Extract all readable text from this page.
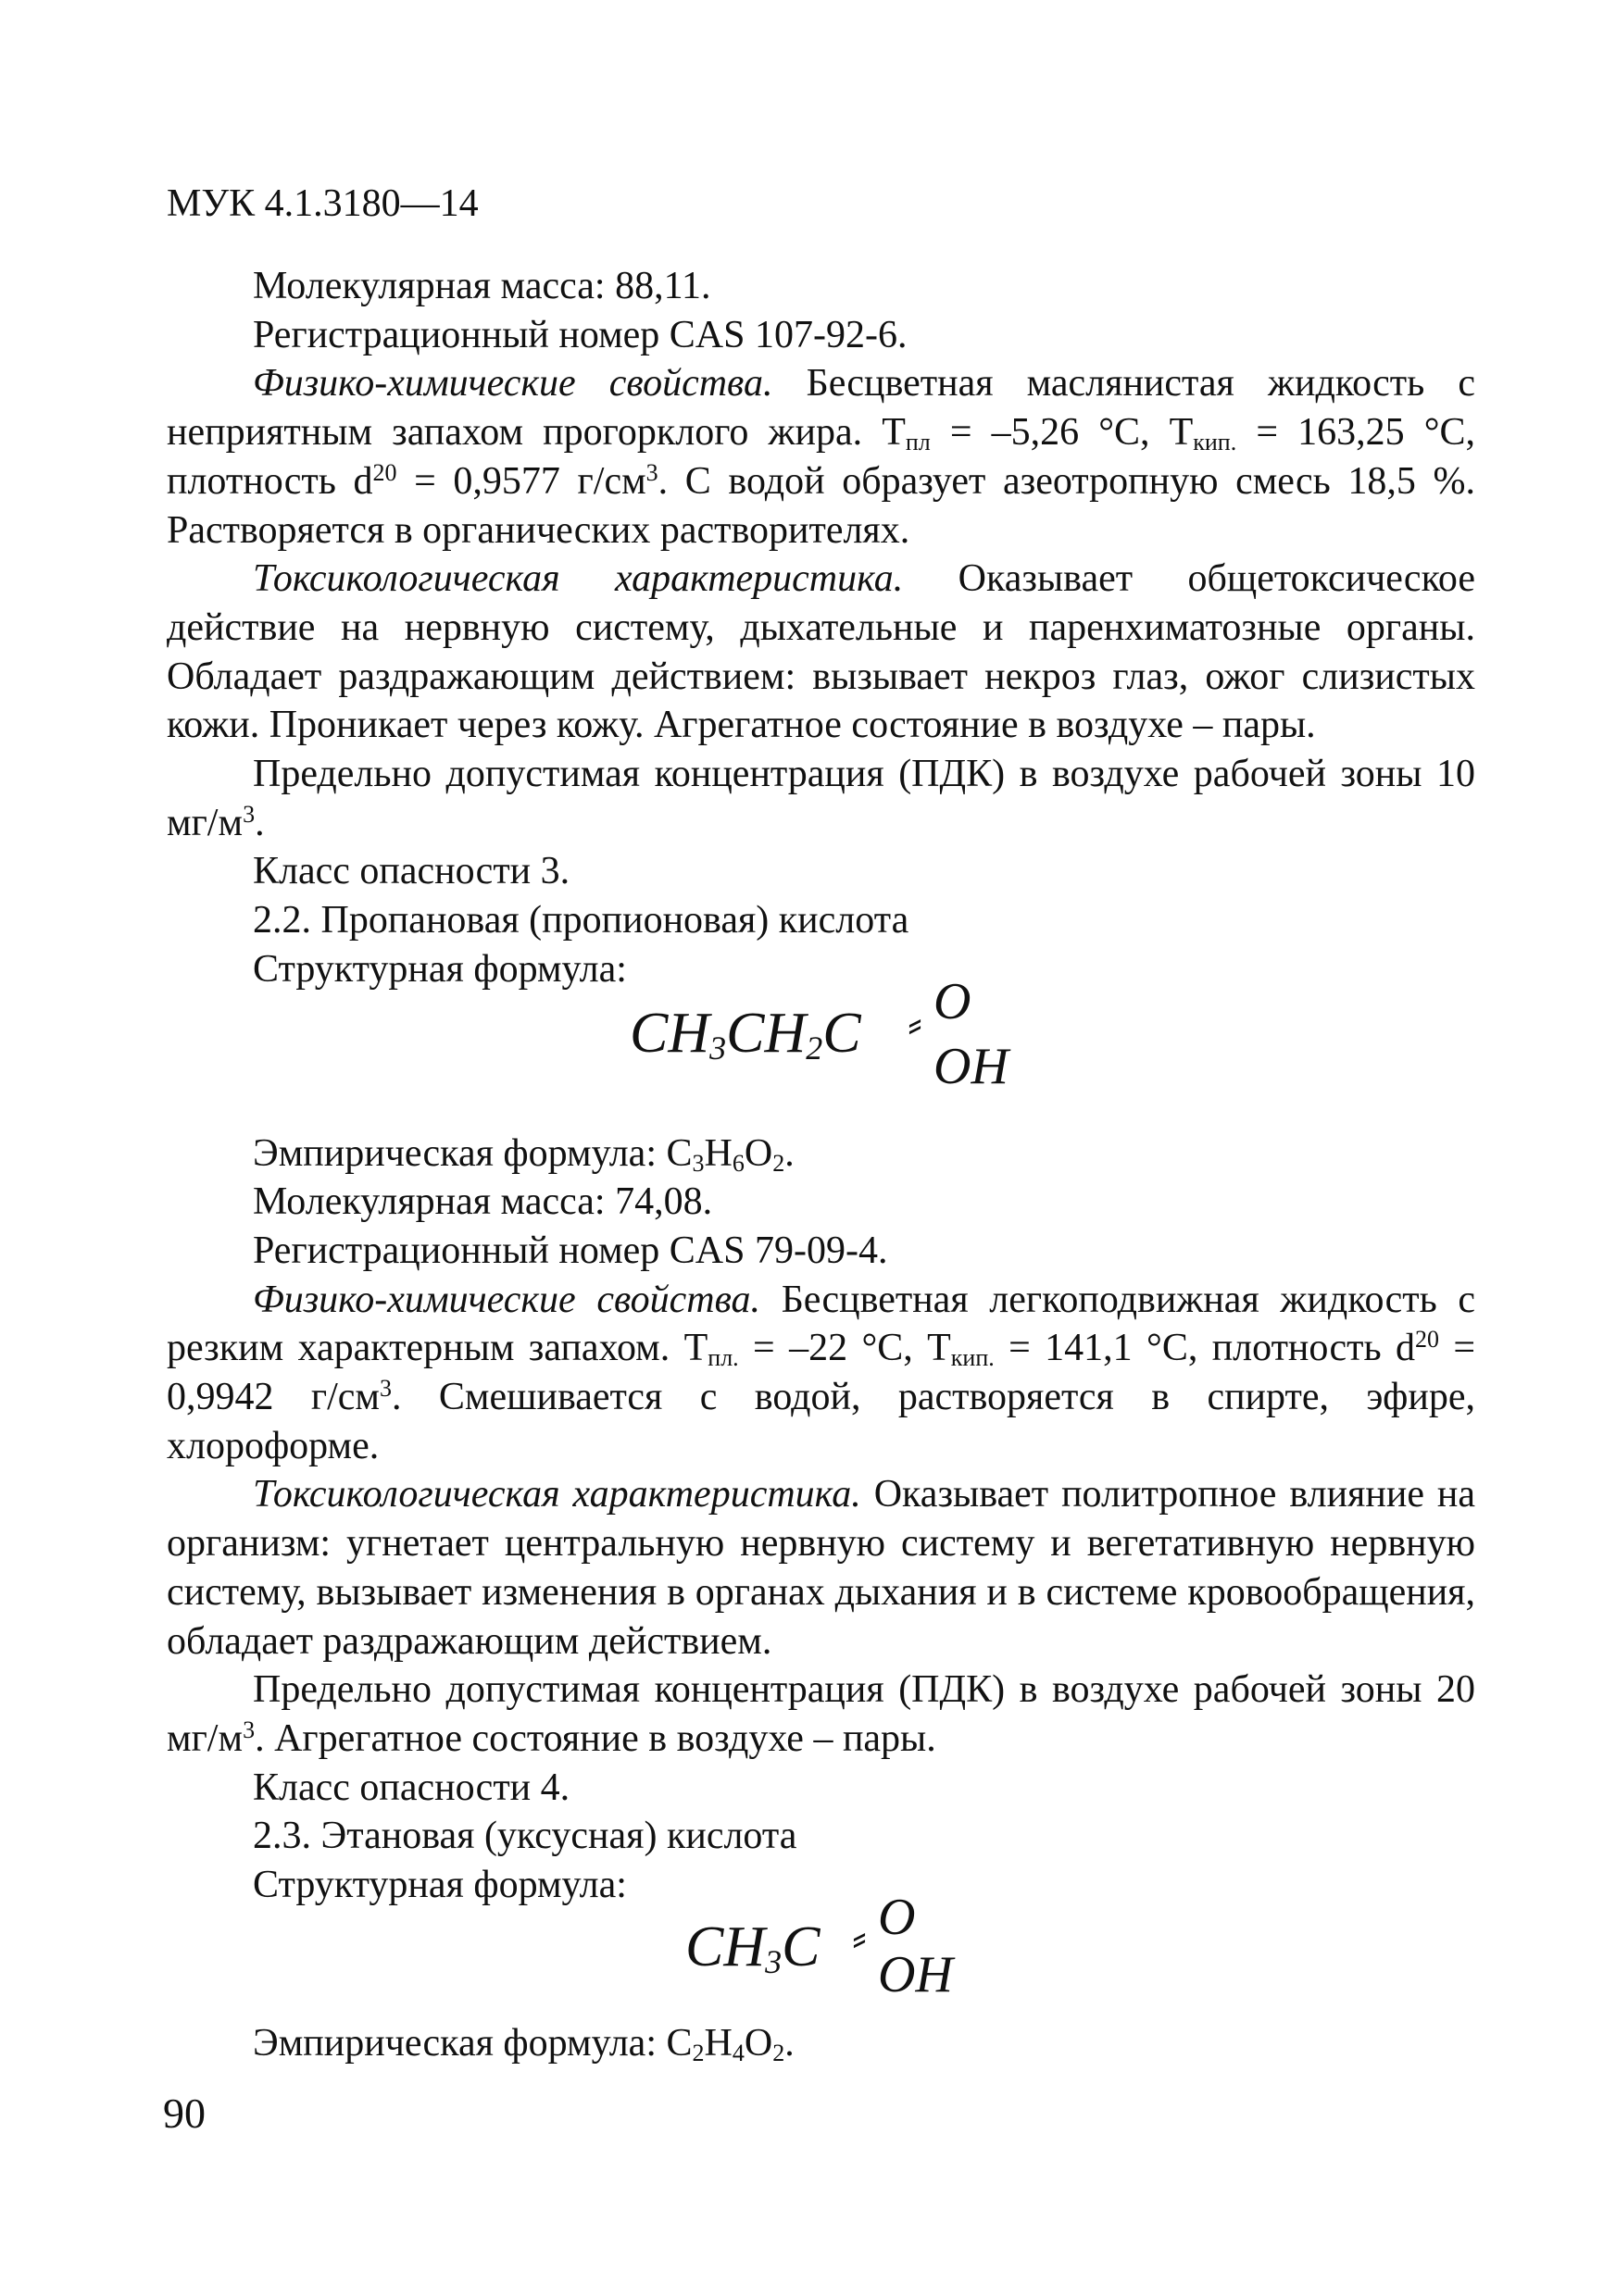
МУК 4.1.3180—14

Молекулярная масса: 88,11.

Регистрационный номер CAS 107-92-6.

Физико-химические свойства. Бесцветная маслянистая жидкость с неприятным запахом прогорклого жира. $Т_{пл} = -5,26$ °С, $Т_{кип.} = 163,25$ °С, плотность $d^{20} = 0,9577$ $г/см^3$. С водой образует азеотропную смесь 18,5 %. Растворяется в органических растворителях.

Токсикологическая характеристика. Оказывает общетоксическое действие на нервную систему, дыхательные и паренхиматозные органы. Обладает раздражающим действием: вызывает некроз глаз, ожог слизистых кожи. Проникает через кожу. Агрегатное состояние в воздухе – пары.

Предельно допустимая концентрация (ПДК) в воздухе рабочей зоны 10 $мг/м^3$.

Класс опасности 3.

2.2. Пропановая (пропионовая) кислота

Структурная формула:

$CH_3CH_2C$ ⸗ O
OH

Эмпирическая формула: $C_3H_6O_2$.

Молекулярная масса: 74,08.

Регистрационный номер CAS 79-09-4.

Физико-химические свойства. Бесцветная легкоподвижная жидкость с резким характерным запахом. $Т_{пл.} = -22$ °С, $Т_{кип.} = 141,1$ °С, плотность $d^{20} = 0,9942$ $г/см^3$. Смешивается с водой, растворяется в спирте, эфире, хлороформе.

Токсикологическая характеристика. Оказывает политропное влияние на организм: угнетает центральную нервную систему и вегетативную нервную систему, вызывает изменения в органах дыхания и в системе кровообращения, обладает раздражающим действием.

Предельно допустимая концентрация (ПДК) в воздухе рабочей зоны 20 $мг/м^3$. Агрегатное состояние в воздухе – пары.

Класс опасности 4.

2.3. Этановая (уксусная) кислота

Структурная формула:

$CH_3C$ ⸗ O
OH

Эмпирическая формула: $C_2H_4O_2$.

90
